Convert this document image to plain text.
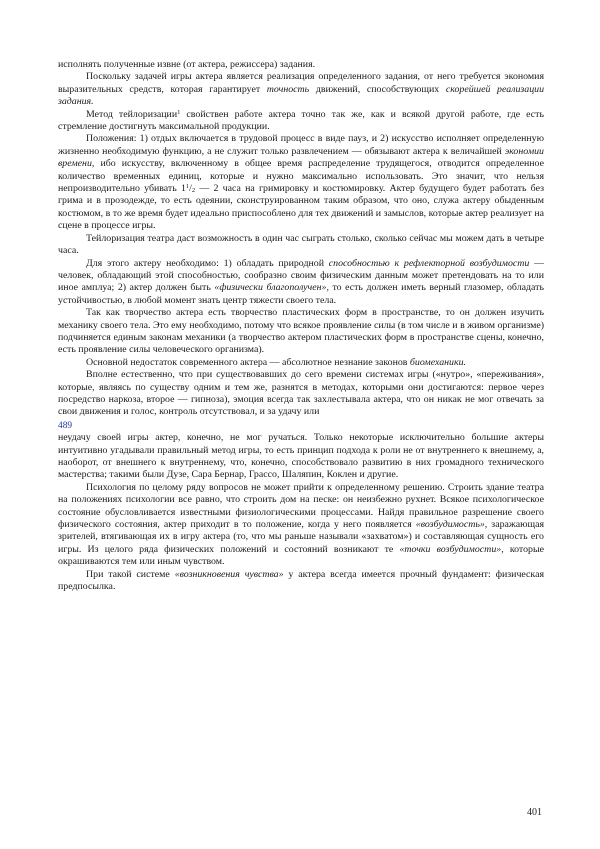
исполнять полученные извне (от актера, режиссера) задания.

Поскольку задачей игры актера является реализация определенного задания, от него требуется экономия выразительных средств, которая гарантирует точность движений, способствующих скорейшей реализации задания.

Метод тейлоризации$^1$ свойствен работе актера точно так же, как и всякой другой работе, где есть стремление достигнуть максимальной продукции.

Положения: 1) отдых включается в трудовой процесс в виде пауз, и 2) искусство исполняет определенную жизненно необходимую функцию, а не служит только развлечением — обязывают актера к величайшей экономии времени, ибо искусству, включенному в общее время распределение трудящегося, отводится определенное количество временных единиц, которые и нужно максимально использовать. Это значит, что нельзя непроизводительно убивать $1^1/_2$ — 2 часа на гримировку и костюмировку. Актер будущего будет работать без грима и в прозодежде, то есть одеянии, сконструированном таким образом, что оно, служа актеру обыденным костюмом, в то же время будет идеально приспособлено для тех движений и замыслов, которые актер реализует на сцене в процессе игры.

Тейлоризация театра даст возможность в один час сыграть столько, сколько сейчас мы можем дать в четыре часа.

Для этого актеру необходимо: 1) обладать природной способностью к рефлекторной возбудимости — человек, обладающий этой способностью, сообразно своим физическим данным может претендовать на то или иное амплуа; 2) актер должен быть «физически благополучен», то есть должен иметь верный глазомер, обладать устойчивостью, в любой момент знать центр тяжести своего тела.

Так как творчество актера есть творчество пластических форм в пространстве, то он должен изучить механику своего тела. Это ему необходимо, потому что всякое проявление силы (в том числе и в живом организме) подчиняется единым законам механики (а творчество актером пластических форм в пространстве сцены, конечно, есть проявление силы человеческого организма).

Основной недостаток современного актера — абсолютное незнание законов биомеханики.

Вполне естественно, что при существовавших до сего времени системах игры («нутро», «переживания», которые, являясь по существу одним и тем же, разнятся в методах, которыми они достигаются: первое через посредство наркоза, второе — гипноза), эмоция всегда так захлестывала актера, что он никак не мог отвечать за свои движения и голос, контроль отсутствовал, и за удачу или

489

неудачу своей игры актер, конечно, не мог ручаться. Только некоторые исключительно большие актеры интуитивно угадывали правильный метод игры, то есть принцип подхода к роли не от внутреннего к внешнему, а, наоборот, от внешнего к внутреннему, что, конечно, способствовало развитию в них громадного технического мастерства; такими были Дузе, Сара Бернар, Грассо, Шаляпин, Коклен и другие.

Психология по целому ряду вопросов не может прийти к определенному решению. Строить здание театра на положениях психологии все равно, что строить дом на песке: он неизбежно рухнет. Всякое психологическое состояние обусловливается известными физиологическими процессами. Найдя правильное разрешение своего физического состояния, актер приходит в то положение, когда у него появляется «возбудимость», заражающая зрителей, втягивающая их в игру актера (то, что мы раньше называли «захватом») и составляющая сущность его игры. Из целого ряда физических положений и состояний возникают те «точки возбудимости», которые окрашиваются тем или иным чувством.

При такой системе «возникновения чувства» у актера всегда имеется прочный фундамент: физическая предпосылка.

401
